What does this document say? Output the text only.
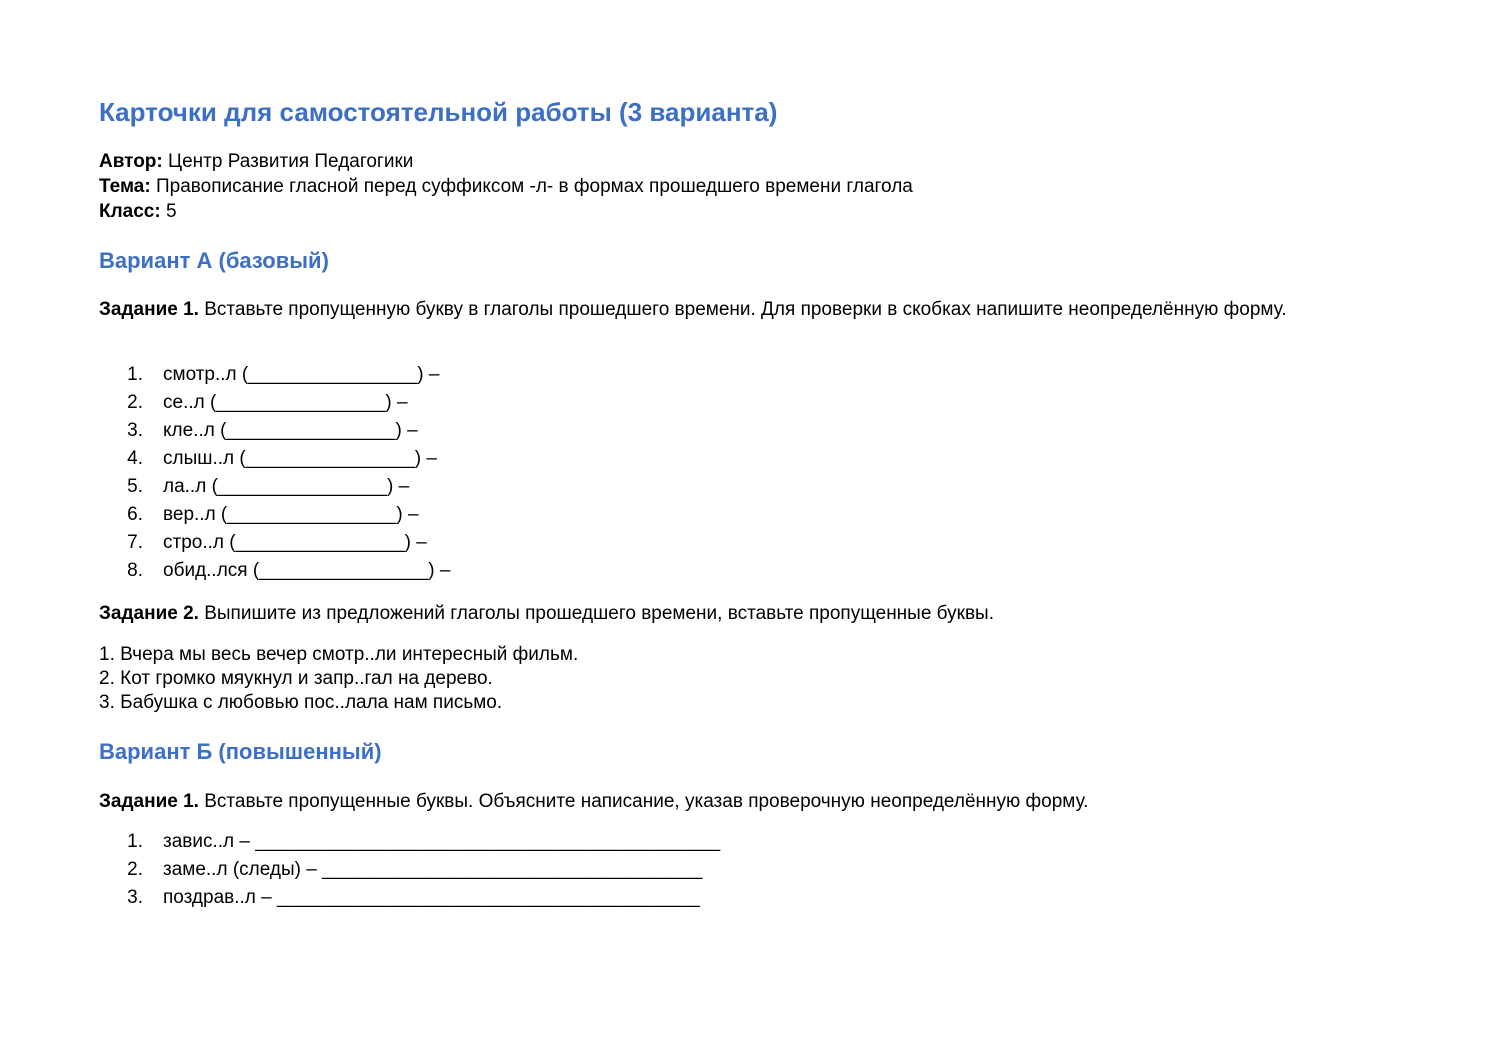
Карточки для самостоятельной работы (3 варианта)
Автор: Центр Развития Педагогики
Тема: Правописание гласной перед суффиксом -л- в формах прошедшего времени глагола
Класс: 5
Вариант А (базовый)

Задание 1. Вставьте пропущенную букву в глаголы прошедшего времени. Для проверки в скобках напишите неопределённую форму.

1. смотр..л (________________) –
2. се..л (________________) –
3. кле..л (________________) –
4. слыш..л (________________) –
5. ла..л (________________) –
6. вер..л (________________) –
7. стро..л (________________) –
8. обид..лся (________________) –

Задание 2. Выпишите из предложений глаголы прошедшего времени, вставьте пропущенные буквы.

1. Вчера мы весь вечер смотр..ли интересный фильм.
2. Кот громко мяукнул и запр..гал на дерево.
3. Бабушка с любовью пос..лала нам письмо.
Вариант Б (повышенный)

Задание 1. Вставьте пропущенные буквы. Объясните написание, указав проверочную неопределённую форму.

1. завис..л – ____________________________________________
2. заме..л (следы) – ____________________________________
3. поздрав..л – ________________________________________
